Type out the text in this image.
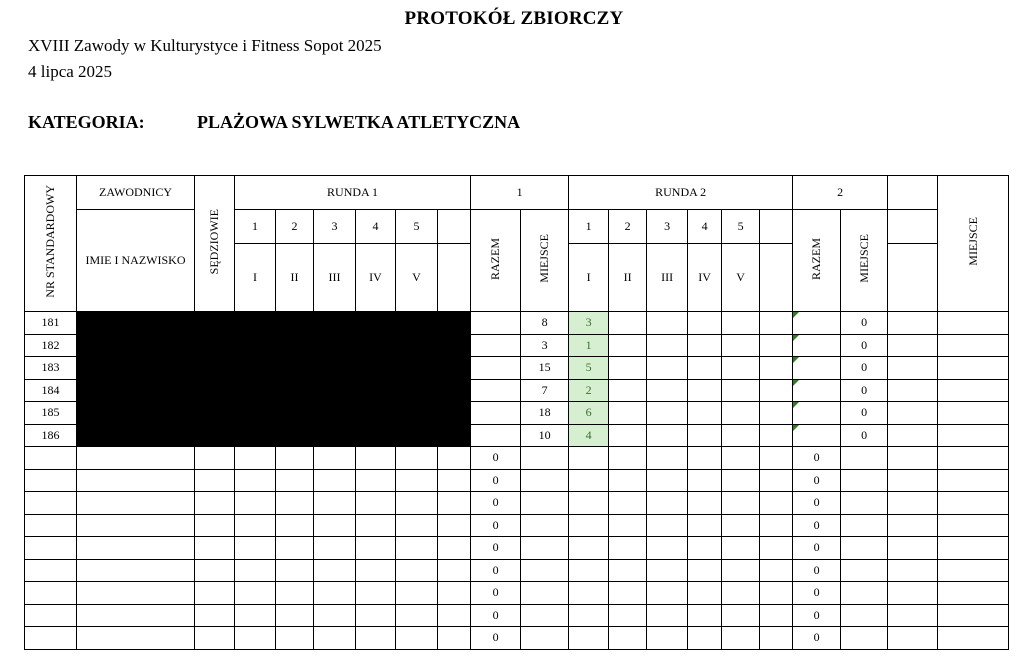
PROTOKÓŁ ZBIORCZY
XVIII Zawody w Kulturystyce i Fitness Sopot 2025
4 lipca 2025
KATEGORIA:	PLAŻOWA SYLWETKA ATLETYCZNA
NR STANDARDOWY	ZAWODNICY	SĘDZIOWIE	RUNDA 1						1		RUNDA 2						2			MIEJSCE	
	IMIE I NAZWISKO		1	2	3	4	5		RAZEM	MIEJSCE	1	2	3	4	5		RAZEM	MIEJSCE			
			I	II	III	IV	V				I	II	III	IV	V						
181										8	3							0			
182										3	1							0			
183										15	5							0			
184										7	2							0			
185										18	6							0			
186										10	4							0			
									0								0				
									0								0				
									0								0				
									0								0				
									0								0				
									0								0				
									0								0				
									0								0				
									0								0				
